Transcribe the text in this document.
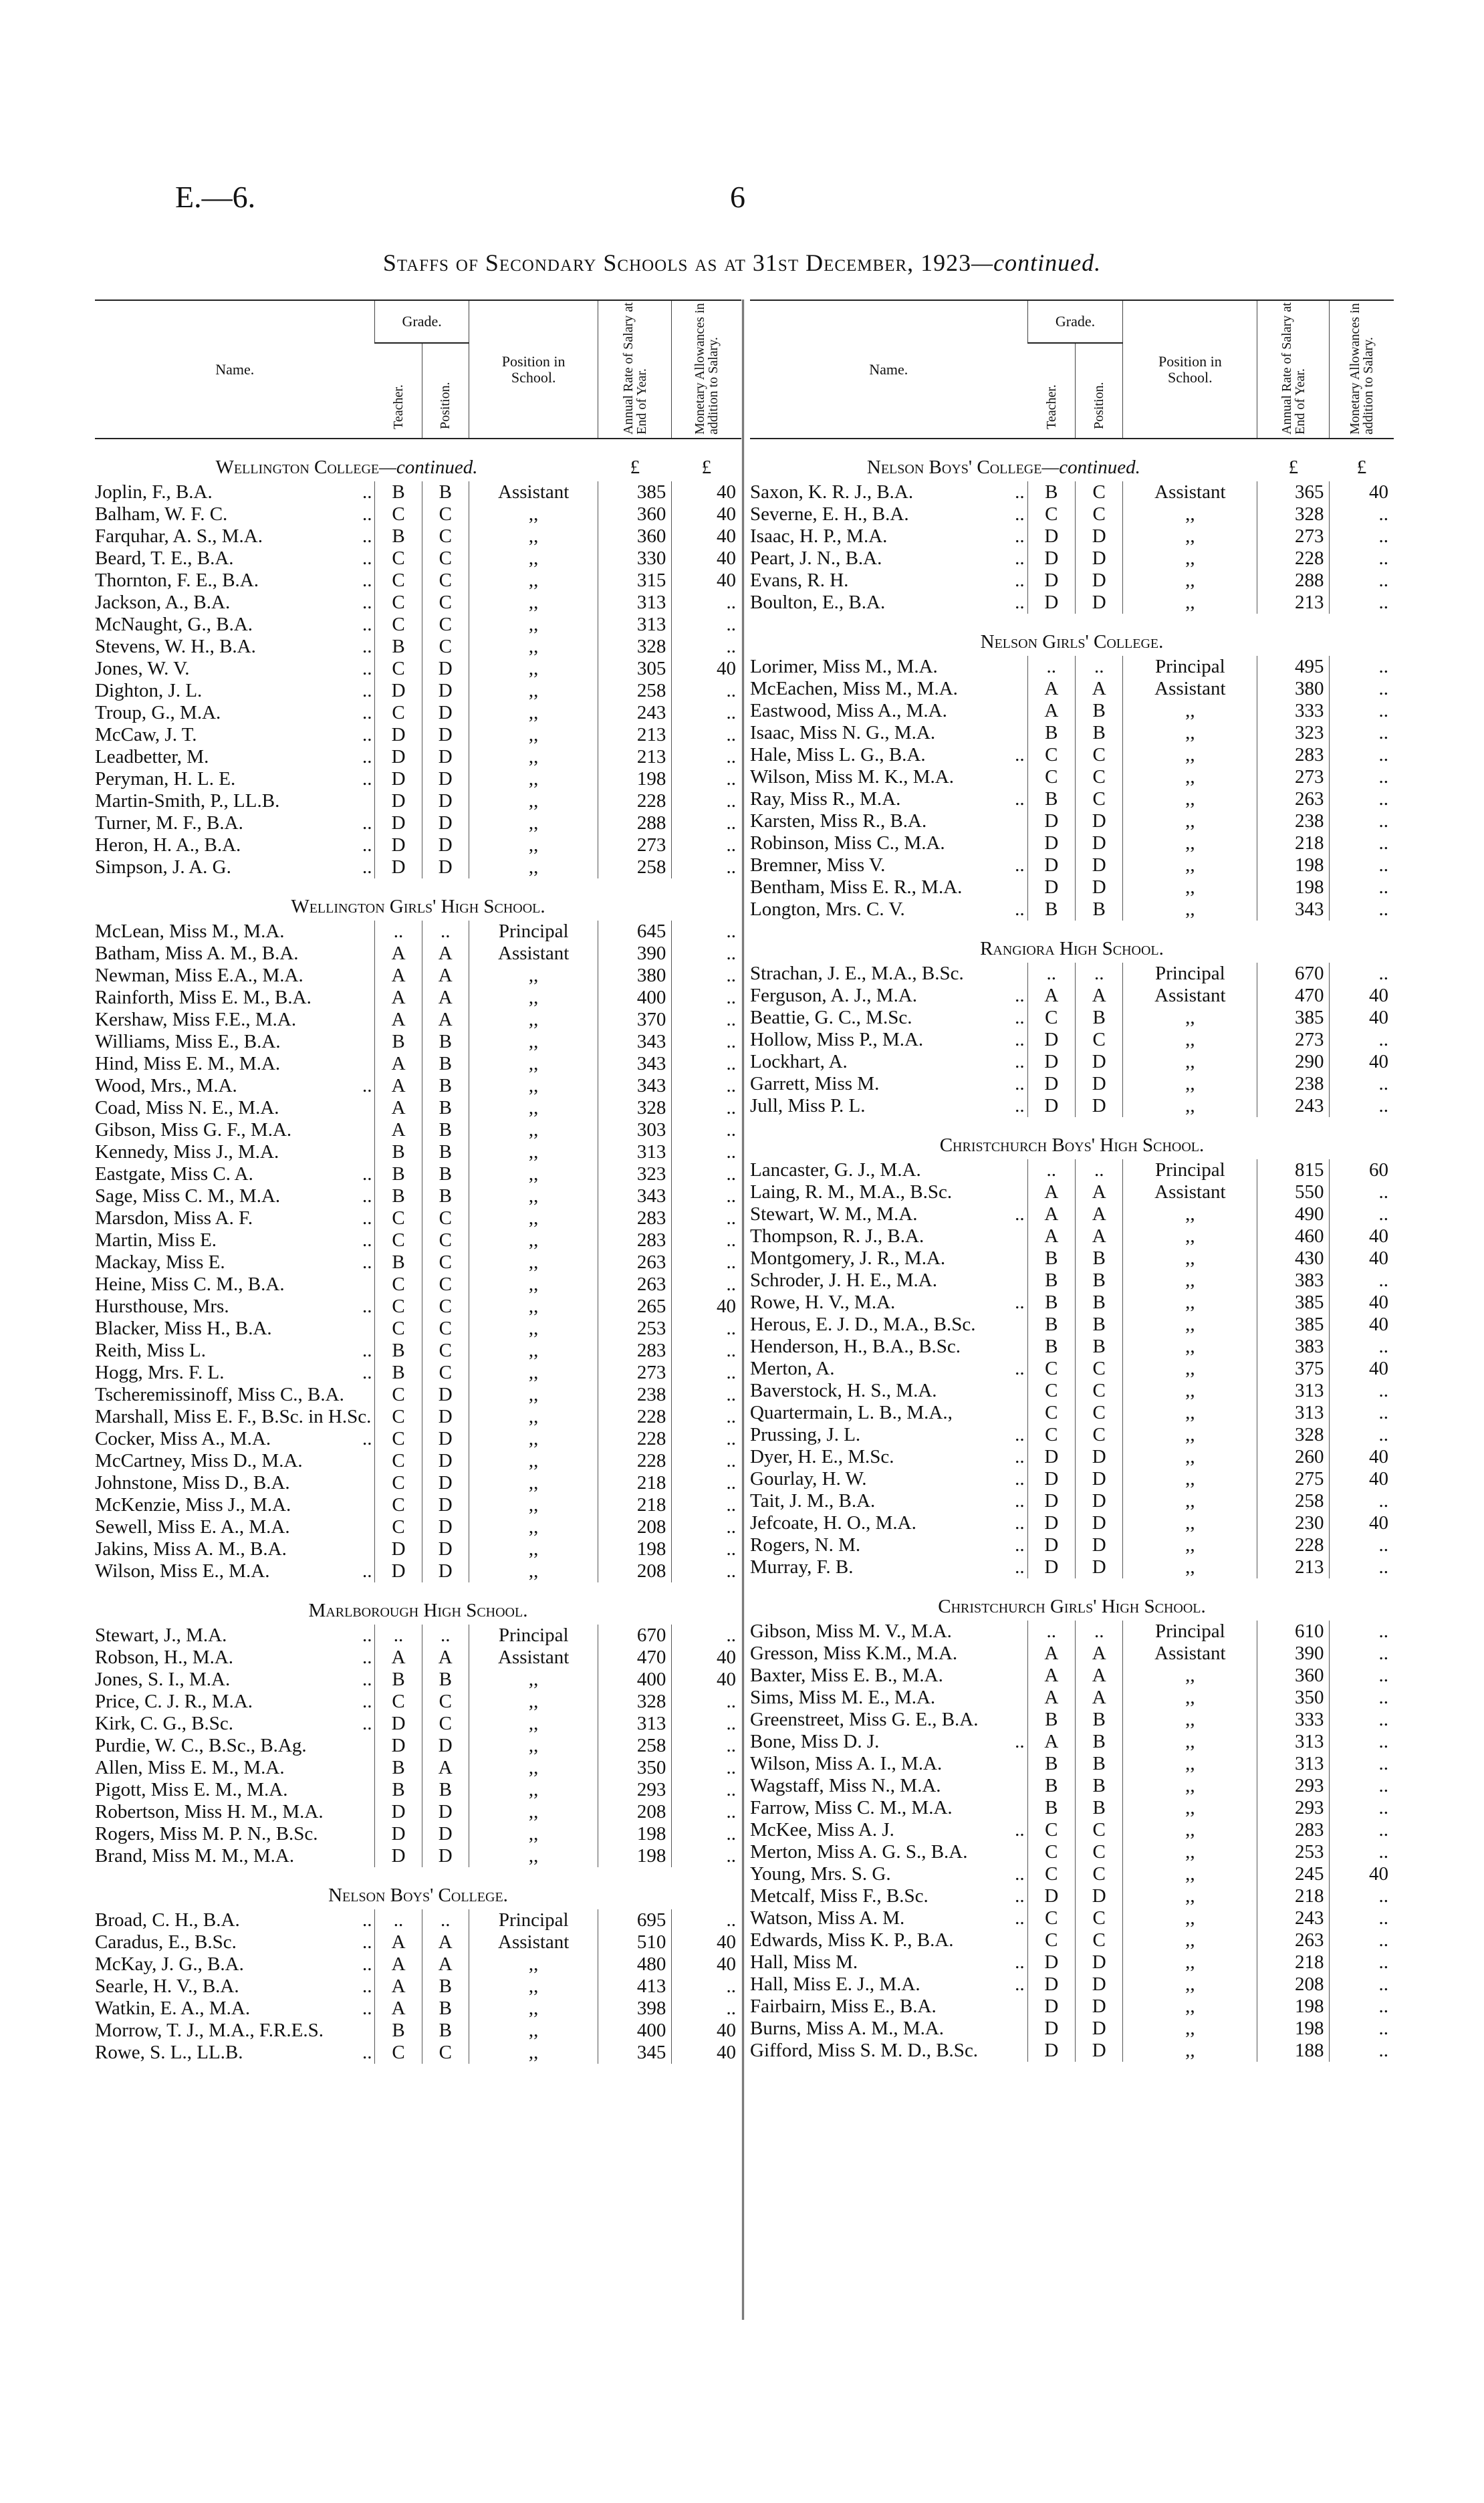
E.—6.	6
Staffs of Secondary Schools as at 31st December, 1923—continued.
Name.	Grade.		Position in School.	Annual Rate of Salary at End of Year.	Monetary Allowances in addition to Salary.
	Teacher.	Position.			
Wellington College—continued.				£	£

..
Joplin, F., B.A.	B	B	Assistant	385	40

..
Balham, W. F. C.	C	C	,,	360	40

..
Farquhar, A. S., M.A.	B	C	,,	360	40

..
Beard, T. E., B.A.	C	C	,,	330	40

..
Thornton, F. E., B.A.	C	C	,,	315	40

..
Jackson, A., B.A.	C	C	,,	313	..

..
McNaught, G., B.A.	C	C	,,	313	..

..
Stevens, W. H., B.A.	B	C	,,	328	..

..
Jones, W. V.	C	D	,,	305	40

..
Dighton, J. L.	D	D	,,	258	..

..
Troup, G., M.A.	C	D	,,	243	..

..
McCaw, J. T.	D	D	,,	213	..

..
Leadbetter, M.	D	D	,,	213	..

..
Peryman, H. L. E.	D	D	,,	198	..

Martin-Smith, P., LL.B.	D	D	,,	228	..

..
Turner, M. F., B.A.	D	D	,,	288	..

..
Heron, H. A., B.A.	D	D	,,	273	..

..
Simpson, J. A. G.	D	D	,,	258	..
Wellington Girls' High School.					

McLean, Miss M., M.A.	..	..	Principal	645	..

Batham, Miss A. M., B.A.	A	A	Assistant	390	..

Newman, Miss E.A., M.A.	A	A	,,	380	..

Rainforth, Miss E. M., B.A.	A	A	,,	400	..

Kershaw, Miss F.E., M.A.	A	A	,,	370	..

Williams, Miss E., B.A.	B	B	,,	343	..

Hind, Miss E. M., M.A.	A	B	,,	343	..

..
Wood, Mrs., M.A.	A	B	,,	343	..

Coad, Miss N. E., M.A.	A	B	,,	328	..

Gibson, Miss G. F., M.A.	A	B	,,	303	..

Kennedy, Miss J., M.A.	B	B	,,	313	..

..
Eastgate, Miss C. A.	B	B	,,	323	..

..
Sage, Miss C. M., M.A.	B	B	,,	343	..

..
Marsdon, Miss A. F.	C	C	,,	283	..

..
Martin, Miss E.	C	C	,,	283	..

..
Mackay, Miss E.	B	C	,,	263	..

Heine, Miss C. M., B.A.	C	C	,,	263	..

..
Hursthouse, Mrs.	C	C	,,	265	40

Blacker, Miss H., B.A.	C	C	,,	253	..

..
Reith, Miss L.	B	C	,,	283	..

..
Hogg, Mrs. F. L.	B	C	,,	273	..

Tscheremissinoff, Miss C., B.A.	C	D	,,	238	..

Marshall, Miss E. F., B.Sc. in H.Sc.	C	D	,,	228	..

..
Cocker, Miss A., M.A.	C	D	,,	228	..

McCartney, Miss D., M.A.	C	D	,,	228	..

Johnstone, Miss D., B.A.	C	D	,,	218	..

McKenzie, Miss J., M.A.	C	D	,,	218	..

Sewell, Miss E. A., M.A.	C	D	,,	208	..

Jakins, Miss A. M., B.A.	D	D	,,	198	..

..
Wilson, Miss E., M.A.	D	D	,,	208	..
Marlborough High School.					

..
Stewart, J., M.A.	..	..	Principal	670	..

..
Robson, H., M.A.	A	A	Assistant	470	40

..
Jones, S. I., M.A.	B	B	,,	400	40

..
Price, C. J. R., M.A.	C	C	,,	328	..

..
Kirk, C. G., B.Sc.	D	C	,,	313	..

Purdie, W. C., B.Sc., B.Ag.	D	D	,,	258	..

Allen, Miss E. M., M.A.	B	A	,,	350	..

Pigott, Miss E. M., M.A.	B	B	,,	293	..

Robertson, Miss H. M., M.A.	D	D	,,	208	..

Rogers, Miss M. P. N., B.Sc.	D	D	,,	198	..

Brand, Miss M. M., M.A.	D	D	,,	198	..
Nelson Boys' College.					

..
Broad, C. H., B.A.	..	..	Principal	695	..

..
Caradus, E., B.Sc.	A	A	Assistant	510	40

..
McKay, J. G., B.A.	A	A	,,	480	40

..
Searle, H. V., B.A.	A	B	,,	413	..

..
Watkin, E. A., M.A.	A	B	,,	398	..

Morrow, T. J., M.A., F.R.E.S.	B	B	,,	400	40

..
Rowe, S. L., LL.B.	C	C	,,	345	40
Name.	Grade.		Position in School.	Annual Rate of Salary at End of Year.	Monetary Allowances in addition to Salary.
	Teacher.	Position.			
Nelson Boys' College—continued.				£	£

..
Saxon, K. R. J., B.A.	B	C	Assistant	365	40

..
Severne, E. H., B.A.	C	C	,,	328	..

..
Isaac, H. P., M.A.	D	D	,,	273	..

..
Peart, J. N., B.A.	D	D	,,	228	..

..
Evans, R. H.	D	D	,,	288	..

..
Boulton, E., B.A.	D	D	,,	213	..
Nelson Girls' College.					

Lorimer, Miss M., M.A.	..	..	Principal	495	..

McEachen, Miss M., M.A.	A	A	Assistant	380	..

Eastwood, Miss A., M.A.	A	B	,,	333	..

Isaac, Miss N. G., M.A.	B	B	,,	323	..

..
Hale, Miss L. G., B.A.	C	C	,,	283	..

Wilson, Miss M. K., M.A.	C	C	,,	273	..

..
Ray, Miss R., M.A.	B	C	,,	263	..

Karsten, Miss R., B.A.	D	D	,,	238	..

Robinson, Miss C., M.A.	D	D	,,	218	..

..
Bremner, Miss V.	D	D	,,	198	..

Bentham, Miss E. R., M.A.	D	D	,,	198	..

..
Longton, Mrs. C. V.	B	B	,,	343	..
Rangiora High School.					

Strachan, J. E., M.A., B.Sc.	..	..	Principal	670	..

..
Ferguson, A. J., M.A.	A	A	Assistant	470	40

..
Beattie, G. C., M.Sc.	C	B	,,	385	40

..
Hollow, Miss P., M.A.	D	C	,,	273	..

..
Lockhart, A.	D	D	,,	290	40

..
Garrett, Miss M.	D	D	,,	238	..

..
Jull, Miss P. L.	D	D	,,	243	..
Christchurch Boys' High School.					

Lancaster, G. J., M.A.	..	..	Principal	815	60

Laing, R. M., M.A., B.Sc.	A	A	Assistant	550	..

..
Stewart, W. M., M.A.	A	A	,,	490	..

Thompson, R. J., B.A.	A	A	,,	460	40

Montgomery, J. R., M.A.	B	B	,,	430	40

Schroder, J. H. E., M.A.	B	B	,,	383	..

..
Rowe, H. V., M.A.	B	B	,,	385	40

Herous, E. J. D., M.A., B.Sc.	B	B	,,	385	40

Henderson, H., B.A., B.Sc.	B	B	,,	383	..

..
Merton, A.	C	C	,,	375	40

Baverstock, H. S., M.A.	C	C	,,	313	..

Quartermain, L. B., M.A.,	C	C	,,	313	..

..
Prussing, J. L.	C	C	,,	328	..

..
Dyer, H. E., M.Sc.	D	D	,,	260	40

..
Gourlay, H. W.	D	D	,,	275	40

..
Tait, J. M., B.A.	D	D	,,	258	..

..
Jefcoate, H. O., M.A.	D	D	,,	230	40

..
Rogers, N. M.	D	D	,,	228	..

..
Murray, F. B.	D	D	,,	213	..
Christchurch Girls' High School.					

Gibson, Miss M. V., M.A.	..	..	Principal	610	..

Gresson, Miss K.M., M.A.	A	A	Assistant	390	..

Baxter, Miss E. B., M.A.	A	A	,,	360	..

Sims, Miss M. E., M.A.	A	A	,,	350	..

Greenstreet, Miss G. E., B.A.	B	B	,,	333	..

..
Bone, Miss D. J.	A	B	,,	313	..

Wilson, Miss A. I., M.A.	B	B	,,	313	..

Wagstaff, Miss N., M.A.	B	B	,,	293	..

Farrow, Miss C. M., M.A.	B	B	,,	293	..

..
McKee, Miss A. J.	C	C	,,	283	..

Merton, Miss A. G. S., B.A.	C	C	,,	253	..

..
Young, Mrs. S. G.	C	C	,,	245	40

..
Metcalf, Miss F., B.Sc.	D	D	,,	218	..

..
Watson, Miss A. M.	C	C	,,	243	..

Edwards, Miss K. P., B.A.	C	C	,,	263	..

..
Hall, Miss M.	D	D	,,	218	..

..
Hall, Miss E. J., M.A.	D	D	,,	208	..

Fairbairn, Miss E., B.A.	D	D	,,	198	..

Burns, Miss A. M., M.A.	D	D	,,	198	..

Gifford, Miss S. M. D., B.Sc.	D	D	,,	188	..
